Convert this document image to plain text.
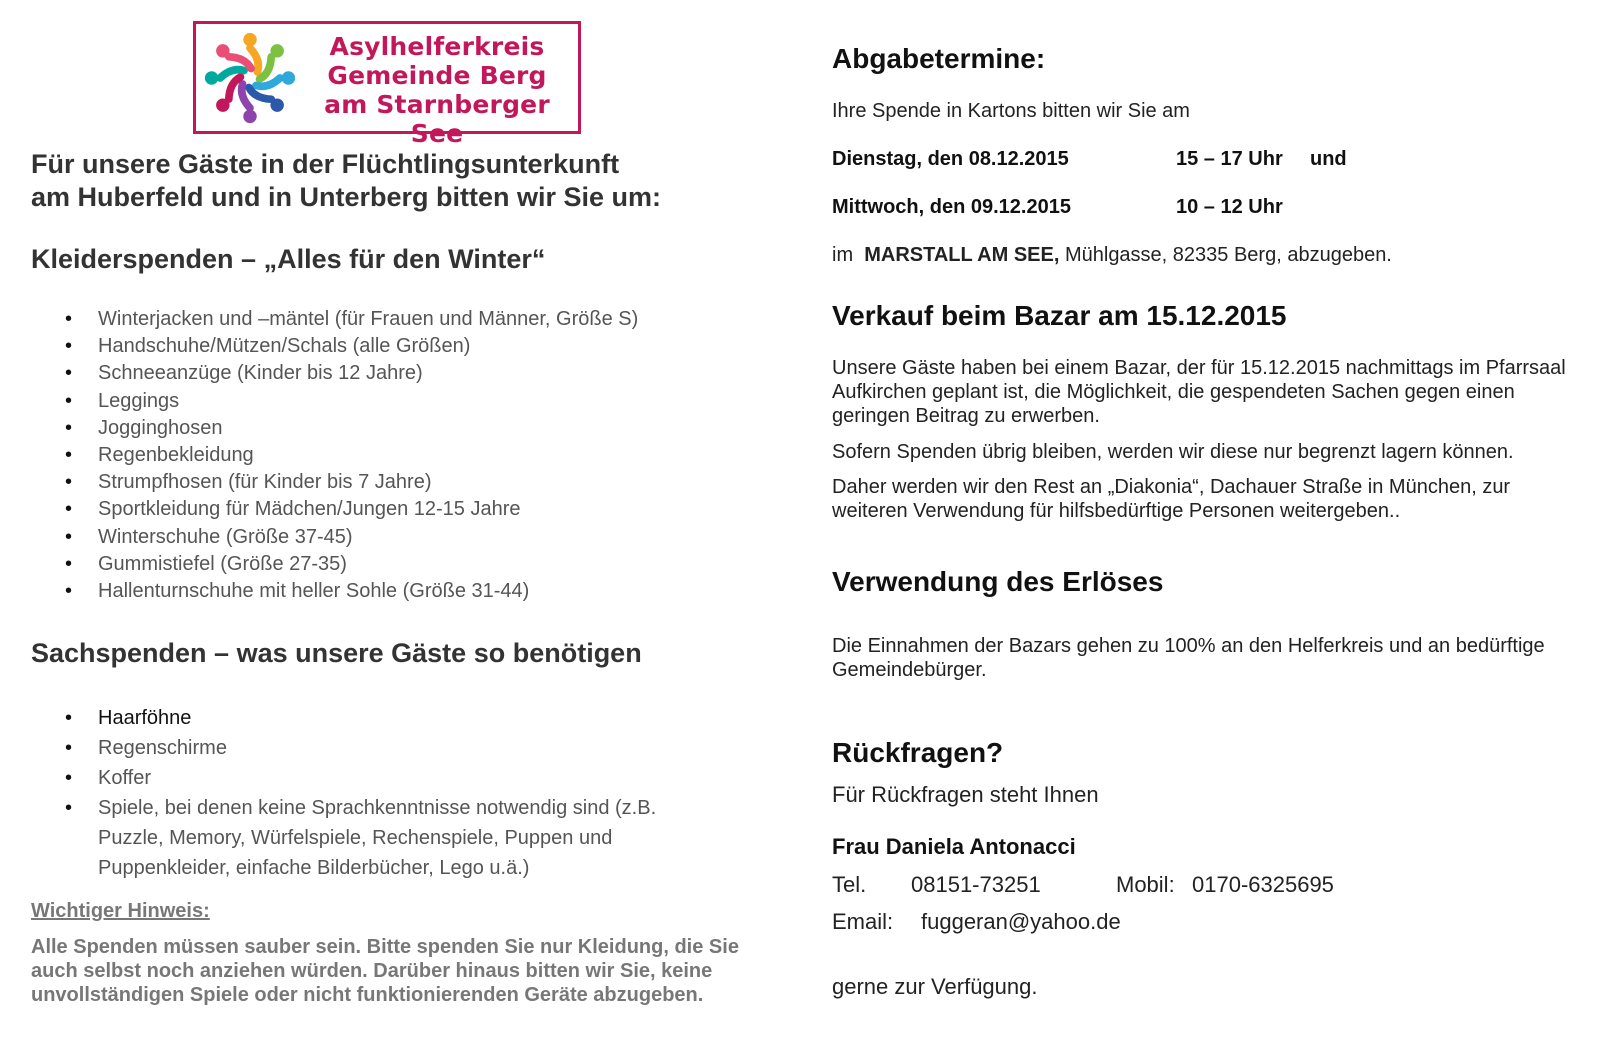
Asylhelferkreis
Gemeinde Berg
am Starnberger See
Für unsere Gäste in der Flüchtlingsunterkunft
am Huberfeld und in Unterberg bitten wir Sie um:
Kleiderspenden – „Alles für den Winter“
• Winterjacken und –mäntel (für Frauen und Männer, Größe S)
• Handschuhe/Mützen/Schals (alle Größen)
• Schneeanzüge (Kinder bis 12 Jahre)
• Leggings
• Jogginghosen
• Regenbekleidung
• Strumpfhosen (für Kinder bis 7 Jahre)
• Sportkleidung für Mädchen/Jungen 12-15 Jahre
• Winterschuhe (Größe 37-45)
• Gummistiefel (Größe 27-35)
• Hallenturnschuhe mit heller Sohle (Größe 31-44)
Sachspenden – was unsere Gäste so benötigen
• Haarföhne
• Regenschirme
• Koffer
• Spiele, bei denen keine Sprachkenntnisse notwendig sind (z.B. Puzzle, Memory, Würfelspiele, Rechenspiele, Puppen und Puppenkleider, einfache Bilderbücher, Lego u.ä.)
Wichtiger Hinweis:
Alle Spenden müssen sauber sein. Bitte spenden Sie nur Kleidung, die Sie auch selbst noch anziehen würden. Darüber hinaus bitten wir Sie, keine unvollständigen Spiele oder nicht funktionierenden Geräte abzugeben.
Abgabetermine:
Ihre Spende in Kartons bitten wir Sie am
Dienstag, den 08.12.2015	15 – 17 Uhr und
Mittwoch, den 09.12.2015	10 – 12 Uhr
im  MARSTALL AM SEE, Mühlgasse, 82335 Berg, abzugeben.
Verkauf beim Bazar am 15.12.2015
Unsere Gäste haben bei einem Bazar, der für 15.12.2015 nachmittags im Pfarrsaal Aufkirchen geplant ist, die Möglichkeit, die gespendeten Sachen gegen einen geringen Beitrag zu erwerben.
Sofern Spenden übrig bleiben, werden wir diese nur begrenzt lagern können.
Daher werden wir den Rest an „Diakonia“, Dachauer Straße in München, zur weiteren Verwendung für hilfsbedürftige Personen weitergeben..
Verwendung des Erlöses
Die Einnahmen der Bazars gehen zu 100% an den Helferkreis und an bedürftige Gemeindebürger.
Rückfragen?
Für Rückfragen steht Ihnen
Frau Daniela Antonacci
Tel. 08151-73251	Mobil: 0170-6325695
Email: fuggeran@yahoo.de
gerne zur Verfügung.
